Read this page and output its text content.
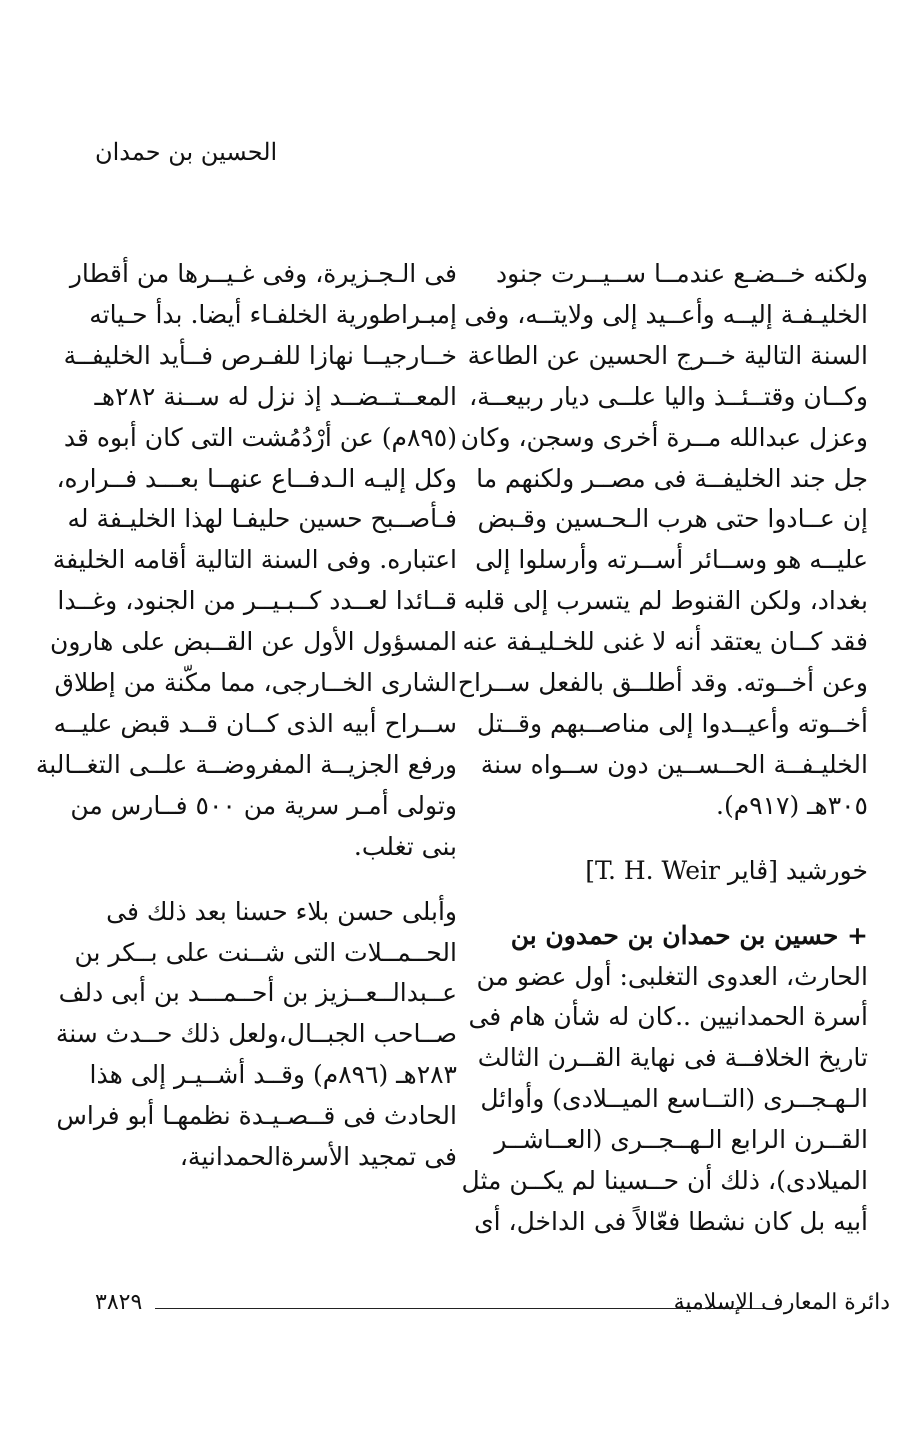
الحسين بن حمدان

ولكنه خــضـع عندمــا ســيــرت جنود

الخليـفـة إليــه وأعــيد إلى ولايتــه، وفى

السنة التالية خــرج الحسين عن الطاعة

وكــان وقتــئــذ واليا علــى ديار ربيعــة،

وعزل عبدالله مــرة أخرى وسجن، وكان

جل جند الخليفــة فى مصــر ولكنهم ما

إن عــادوا حتى هرب الـحـسين وقـبض

عليــه هو وســائر أســرته وأرسلوا إلى

بغداد، ولكن القنوط لم يتسرب إلى قلبه

فقد كــان يعتقد أنه لا غنى للخـليـفة عنه

وعن أخــوته. وقد أطلــق بالفعل ســراح

أخــوته وأعيــدوا إلى مناصــبهم وقــتل

الخليـفــة الحــســين دون ســواه سنة

٣٠٥هـ (٩١٧م).

خورشيد [ڤاير T. H. Weir]

+ حسين بن حمدان بن حمدون بن

الحارث، العدوى التغلبى: أول عضو من

أسرة الحمدانيين ..كان له شأن هام فى

تاريخ الخلافــة فى نهاية القــرن الثالث

الـهـجــرى (التــاسع الميــلادى) وأوائل

القــرن الرابع الـهــجــرى (العــاشــر

الميلادى)، ذلك أن حــسينا لم يكــن مثل

أبيه بل كان نشطا فعّالاً فى الداخل، أى

فى الـجـزيرة، وفى غـيــرها من أقطار

إمبـراطورية الخلفـاء أيضا. بدأ حـياته

خــارجيــا نهازا للفـرص فــأيد الخليفــة

المعــتــضــد إذ نزل له ســنة ٢٨٢هـ

(٨٩٥م) عن أرْدُمُشت التى كان أبوه قد

وكل إليـه الـدفــاع عنهــا بعـــد فــراره،

فـأصــبح حسين حليفـا لهذا الخليـفة له

اعتباره. وفى السنة التالية أقامه الخليفة

قــائدا لعــدد كــبـيــر من الجنود، وغــدا

المسؤول الأول عن القــبض على هارون

الشارى الخــارجى، مما مكّنة من إطلاق

ســراح أبيه الذى كــان قــد قبض عليــه

ورفع الجزيــة المفروضــة علــى التغــالبة

وتولى أمـر سرية من ٥٠٠ فــارس من

بنى تغلب.

وأبلى حسن بلاء حسنا بعد ذلك فى

الحــمــلات التى شــنت على بــكر بن

عــبدالــعــزيز بن أحــمـــد بن أبى دلف

صــاحب الجبــال،ولعل ذلك حــدث سنة

٢٨٣هـ (٨٩٦م) وقــد أشــيـر إلى هذا

الحادث فى قــصـيـدة نظمهـا أبو فراس

فى تمجيد الأسرةالحمدانية،

٣٨٢٩	دائرة المعارف الإسلامية
